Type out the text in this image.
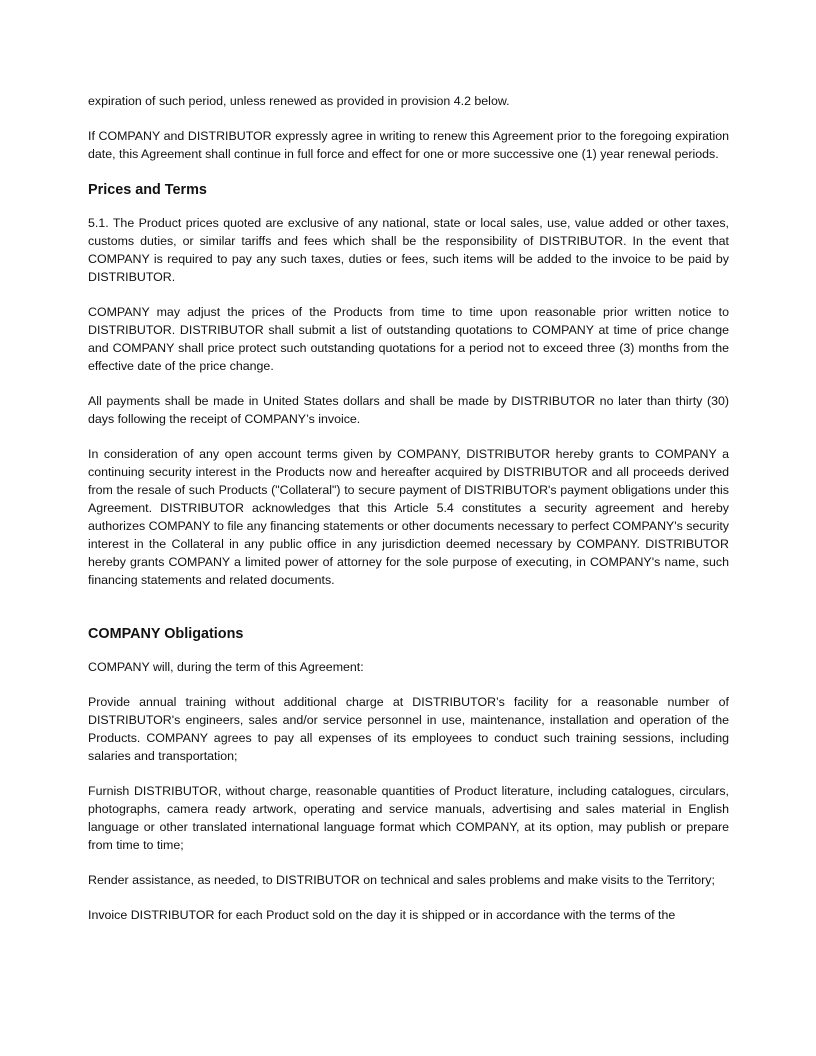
expiration of such period, unless renewed as provided in provision 4.2 below.

If COMPANY and DISTRIBUTOR expressly agree in writing to renew this Agreement prior to the foregoing expiration date, this Agreement shall continue in full force and effect for one or more successive one (1) year renewal periods.

Prices and Terms

5.1. The Product prices quoted are exclusive of any national, state or local sales, use, value added or other taxes, customs duties, or similar tariffs and fees which shall be the responsibility of DISTRIBUTOR. In the event that COMPANY is required to pay any such taxes, duties or fees, such items will be added to the invoice to be paid by DISTRIBUTOR.

COMPANY may adjust the prices of the Products from time to time upon reasonable prior written notice to DISTRIBUTOR. DISTRIBUTOR shall submit a list of outstanding quotations to COMPANY at time of price change and COMPANY shall price protect such outstanding quotations for a period not to exceed three (3) months from the effective date of the price change.

All payments shall be made in United States dollars and shall be made by DISTRIBUTOR no later than thirty (30) days following the receipt of COMPANY’s invoice.

In consideration of any open account terms given by COMPANY, DISTRIBUTOR hereby grants to COMPANY a continuing security interest in the Products now and hereafter acquired by DISTRIBUTOR and all proceeds derived from the resale of such Products ("Collateral") to secure payment of DISTRIBUTOR's payment obligations under this Agreement. DISTRIBUTOR acknowledges that this Article 5.4 constitutes a security agreement and hereby authorizes COMPANY to file any financing statements or other documents necessary to perfect COMPANY's security interest in the Collateral in any public office in any jurisdiction deemed necessary by COMPANY. DISTRIBUTOR hereby grants COMPANY a limited power of attorney for the sole purpose of executing, in COMPANY's name, such financing statements and related documents.

COMPANY Obligations

COMPANY will, during the term of this Agreement:

Provide annual training without additional charge at DISTRIBUTOR’s facility for a reasonable number of DISTRIBUTOR's engineers, sales and/or service personnel in use, maintenance, installation and operation of the Products. COMPANY agrees to pay all expenses of its employees to conduct such training sessions, including salaries and transportation;

Furnish DISTRIBUTOR, without charge, reasonable quantities of Product literature, including catalogues, circulars, photographs, camera ready artwork, operating and service manuals, advertising and sales material in English language or other translated international language format which COMPANY, at its option, may publish or prepare from time to time;

Render assistance, as needed, to DISTRIBUTOR on technical and sales problems and make visits to the Territory;

Invoice DISTRIBUTOR for each Product sold on the day it is shipped or in accordance with the terms of the
